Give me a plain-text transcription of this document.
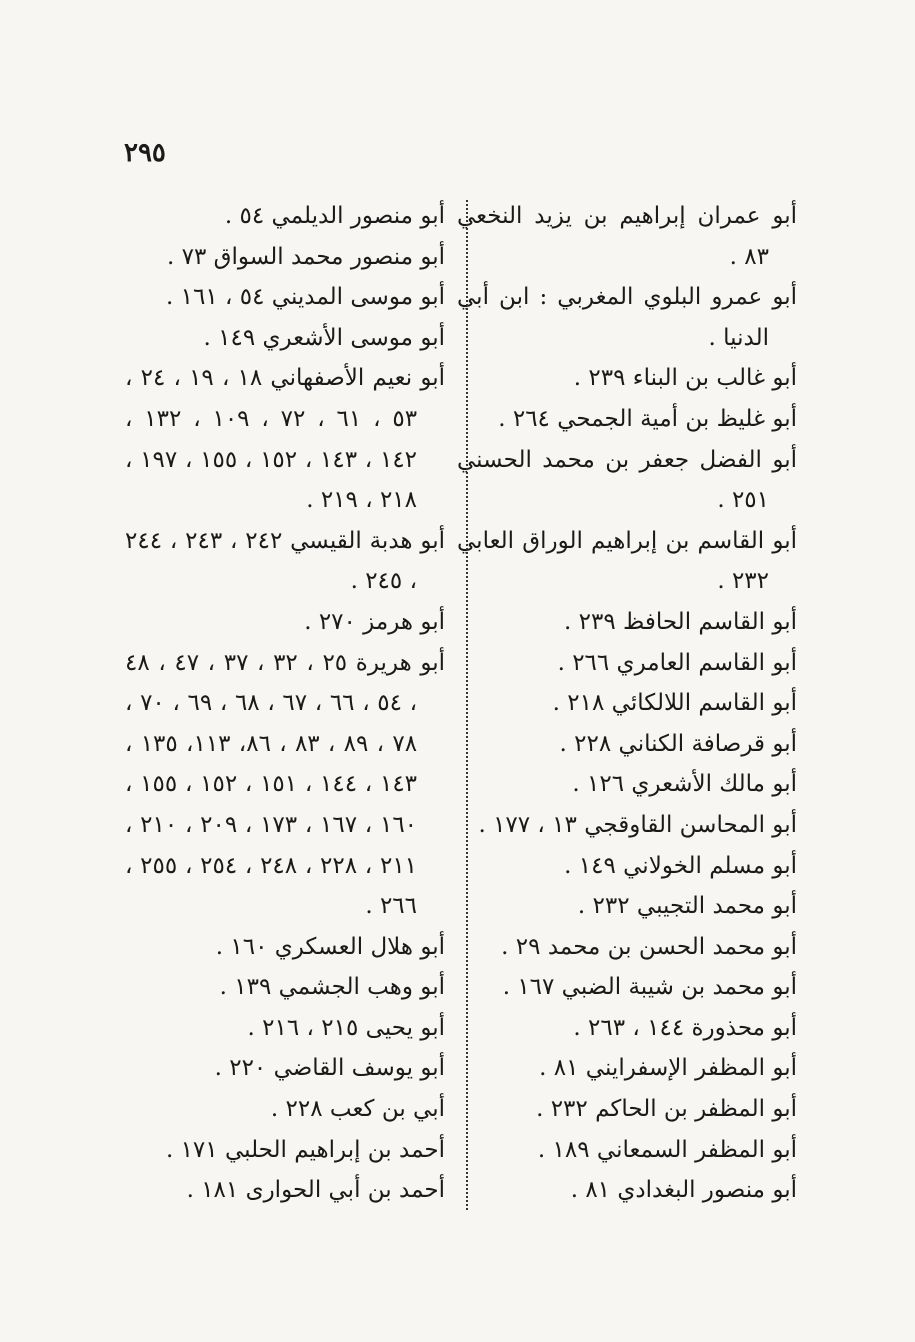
٢٩٥

أبو عمران إبراهيم بن يزيد النخعي ٨٣ .

أبو عمرو البلوي المغربي : ابن أبي الدنيا .

أبو غالب بن البناء ٢٣٩ .

أبو غليظ بن أمية الجمحي ٢٦٤ .

أبو الفضل جعفر بن محمد الحسني ٢٥١ .

أبو القاسم بن إبراهيم الوراق العابي ٢٣٢ .

أبو القاسم الحافظ ٢٣٩ .

أبو القاسم العامري ٢٦٦ .

أبو القاسم اللالكائي ٢١٨ .

أبو قرصافة الكناني ٢٢٨ .

أبو مالك الأشعري ١٢٦ .

أبو المحاسن القاوقجي ١٣ ، ١٧٧ .

أبو مسلم الخولاني ١٤٩ .

أبو محمد التجيبي ٢٣٢ .

أبو محمد الحسن بن محمد ٢٩ .

أبو محمد بن شيبة الضبي ١٦٧ .

أبو محذورة ١٤٤ ، ٢٦٣ .

أبو المظفر الإسفرايني ٨١ .

أبو المظفر بن الحاكم ٢٣٢ .

أبو المظفر السمعاني ١٨٩ .

أبو منصور البغدادي ٨١ .

أبو منصور الديلمي ٥٤ .

أبو منصور محمد السواق ٧٣ .

أبو موسى المديني ٥٤ ، ١٦١ .

أبو موسى الأشعري ١٤٩ .

أبو نعيم الأصفهاني ١٨ ، ١٩ ، ٢٤ ، ٥٣ ، ٦١ ، ٧٢ ، ١٠٩ ، ١٣٢ ، ١٤٢ ، ١٤٣ ، ١٥٢ ، ١٥٥ ، ١٩٧ ، ٢١٨ ، ٢١٩ .

أبو هدبة القيسي ٢٤٢ ، ٢٤٣ ، ٢٤٤ ، ٢٤٥ .

أبو هرمز ٢٧٠ .

أبو هريرة ٢٥ ، ٣٢ ، ٣٧ ، ٤٧ ، ٤٨ ، ٥٤ ، ٦٦ ، ٦٧ ، ٦٨ ، ٦٩ ، ٧٠ ، ٧٨ ، ٨٩ ، ٨٣ ، ٨٦، ١١٣، ١٣٥ ، ١٤٣ ، ١٤٤ ، ١٥١ ، ١٥٢ ، ١٥٥ ، ١٦٠ ، ١٦٧ ، ١٧٣ ، ٢٠٩ ، ٢١٠ ، ٢١١ ، ٢٢٨ ، ٢٤٨ ، ٢٥٤ ، ٢٥٥ ، ٢٦٦ .

أبو هلال العسكري ١٦٠ .

أبو وهب الجشمي ١٣٩ .

أبو يحيى ٢١٥ ، ٢١٦ .

أبو يوسف القاضي ٢٢٠ .

أبي بن كعب ٢٢٨ .

أحمد بن إبراهيم الحلبي ١٧١ .

أحمد بن أبي الحوارى ١٨١ .
